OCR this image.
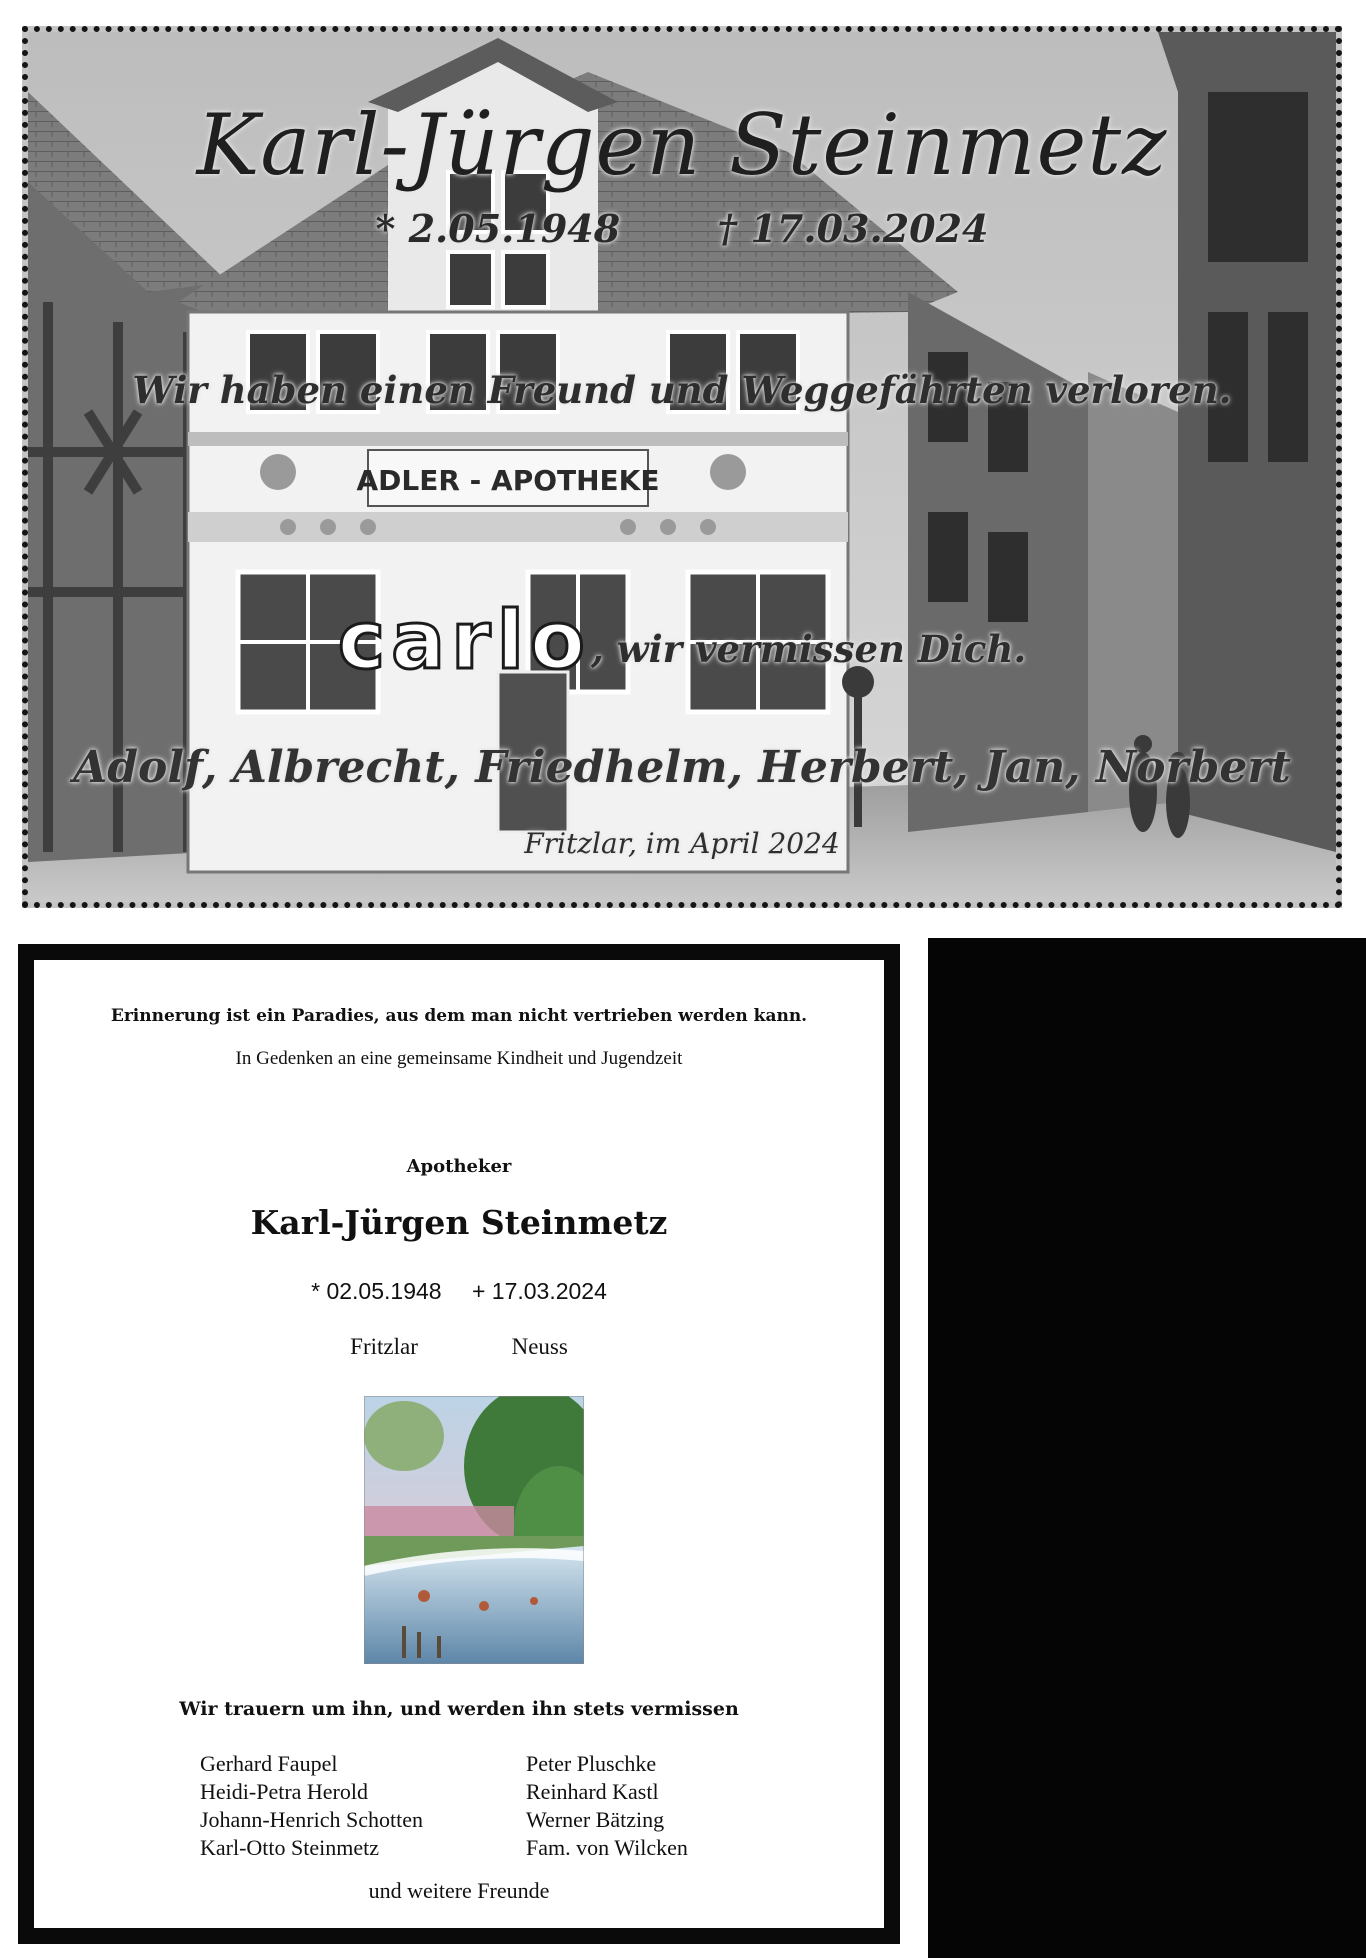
ADLER - APOTHEKE
Karl-Jürgen Steinmetz
* 2.05.1948	† 17.03.2024
Wir haben einen Freund und Weggefährten verloren.
carlo, wir vermissen Dich.
Adolf, Albrecht, Friedhelm, Herbert, Jan, Norbert
Fritzlar, im April 2024
Erinnerung ist ein Paradies, aus dem man nicht vertrieben werden kann.
In Gedenken an eine gemeinsame Kindheit und Jugendzeit
Apotheker
Karl-Jürgen Steinmetz
* 02.05.1948 + 17.03.2024
Fritzlar	Neuss
Wir trauern um ihn, und werden ihn stets vermissen
Gerhard Faupel	Peter Pluschke
Heidi-Petra Herold	Reinhard Kastl
Johann-Henrich Schotten	Werner Bätzing
Karl-Otto Steinmetz	Fam. von Wilcken
und weitere Freunde
